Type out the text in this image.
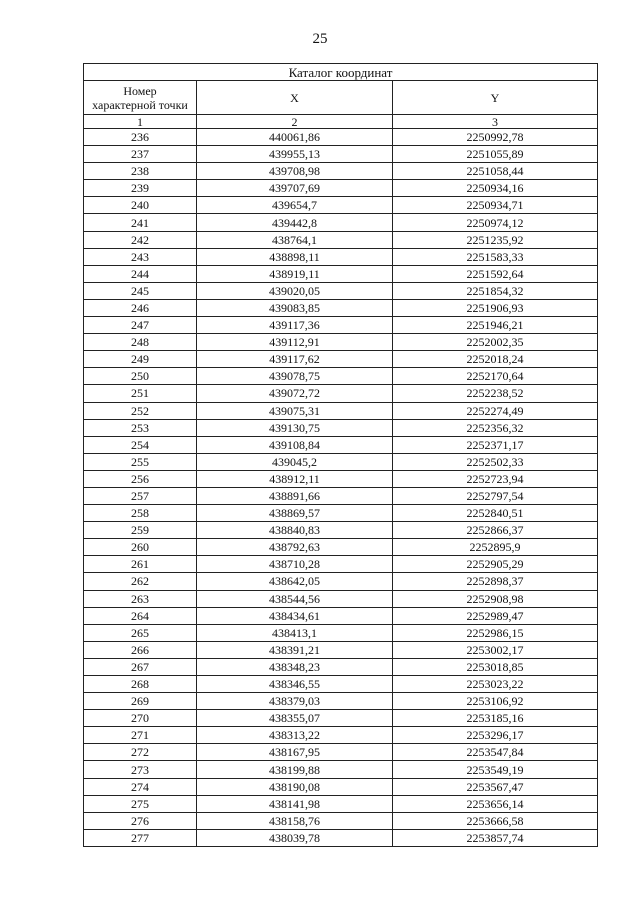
25
Каталог координат		
Номер
характерной точки	X	Y
1	2	3
236	440061,86	2250992,78
237	439955,13	2251055,89
238	439708,98	2251058,44
239	439707,69	2250934,16
240	439654,7	2250934,71
241	439442,8	2250974,12
242	438764,1	2251235,92
243	438898,11	2251583,33
244	438919,11	2251592,64
245	439020,05	2251854,32
246	439083,85	2251906,93
247	439117,36	2251946,21
248	439112,91	2252002,35
249	439117,62	2252018,24
250	439078,75	2252170,64
251	439072,72	2252238,52
252	439075,31	2252274,49
253	439130,75	2252356,32
254	439108,84	2252371,17
255	439045,2	2252502,33
256	438912,11	2252723,94
257	438891,66	2252797,54
258	438869,57	2252840,51
259	438840,83	2252866,37
260	438792,63	2252895,9
261	438710,28	2252905,29
262	438642,05	2252898,37
263	438544,56	2252908,98
264	438434,61	2252989,47
265	438413,1	2252986,15
266	438391,21	2253002,17
267	438348,23	2253018,85
268	438346,55	2253023,22
269	438379,03	2253106,92
270	438355,07	2253185,16
271	438313,22	2253296,17
272	438167,95	2253547,84
273	438199,88	2253549,19
274	438190,08	2253567,47
275	438141,98	2253656,14
276	438158,76	2253666,58
277	438039,78	2253857,74
